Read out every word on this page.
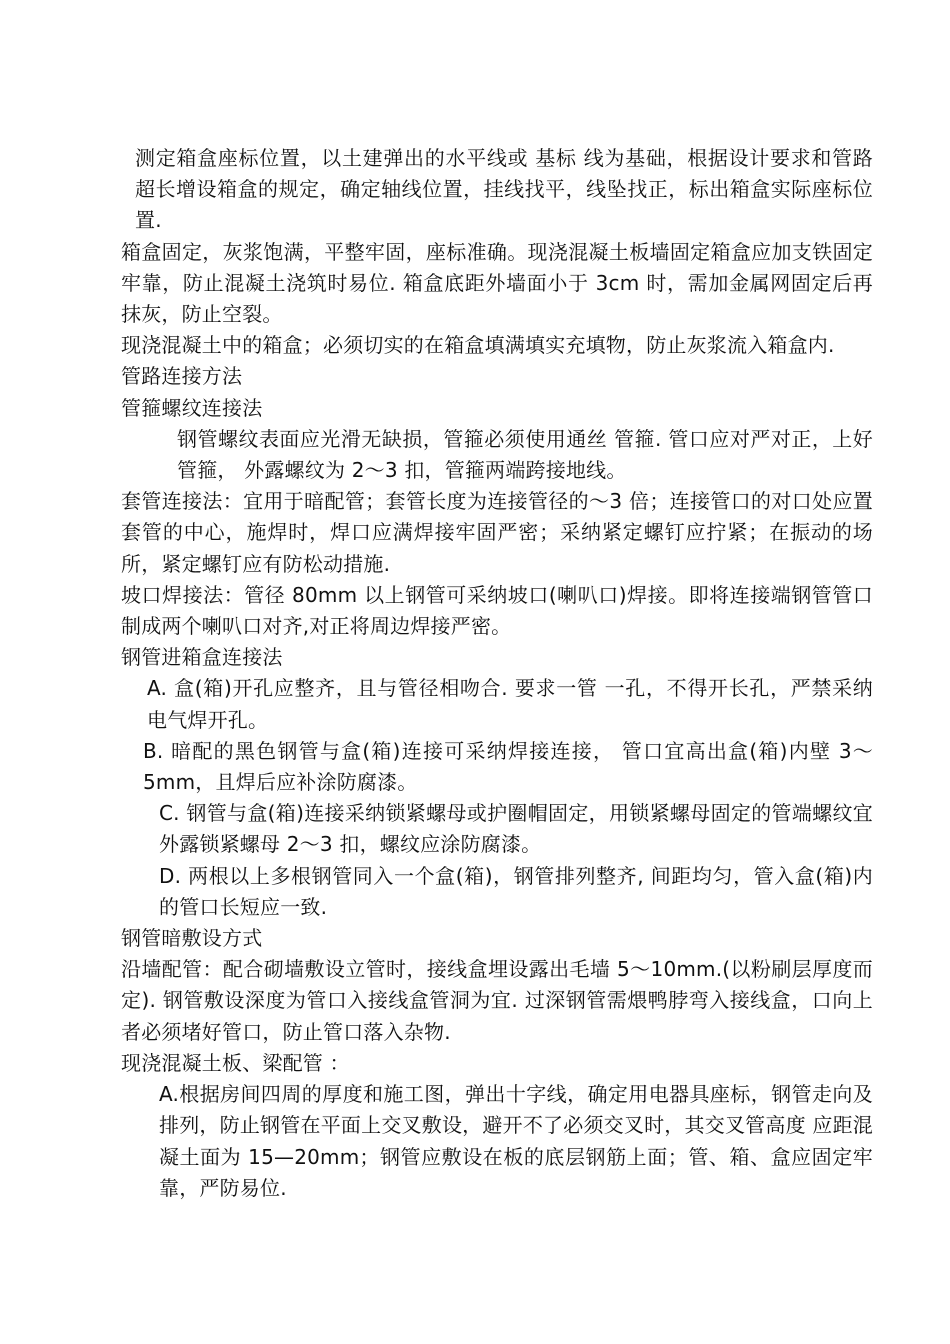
测定箱盒座标位置，以土建弹出的水平线或 基标 线为基础，根据设计要求和管路超长增设箱盒的规定，确定轴线位置，挂线找平，线坠找正，标出箱盒实际座标位置.

箱盒固定，灰浆饱满，平整牢固，座标准确。现浇混凝土板墙固定箱盒应加支铁固定牢靠，防止混凝土浇筑时易位. 箱盒底距外墙面小于 3cm 时，需加金属网固定后再抹灰，防止空裂。

现浇混凝土中的箱盒；必须切实的在箱盒填满填实充填物，防止灰浆流入箱盒内.

管路连接方法

管箍螺纹连接法

钢管螺纹表面应光滑无缺损，管箍必须使用通丝 管箍. 管口应对严对正，上好管箍， 外露螺纹为 2～3 扣，管箍两端跨接地线。

套管连接法：宜用于暗配管；套管长度为连接管径的～3 倍；连接管口的对口处应置套管的中心，施焊时，焊口应满焊接牢固严密；采纳紧定螺钉应拧紧；在振动的场所，紧定螺钉应有防松动措施.

坡口焊接法：管径 80mm 以上钢管可采纳坡口(喇叭口)焊接。即将连接端钢管管口制成两个喇叭口对齐,对正将周边焊接严密。

钢管进箱盒连接法

A. 盒(箱)开孔应整齐，且与管径相吻合. 要求一管 一孔，不得开长孔，严禁采纳电气焊开孔。

B. 暗配的黑色钢管与盒(箱)连接可采纳焊接连接， 管口宜高出盒(箱)内壁 3～5mm，且焊后应补涂防腐漆。

C. 钢管与盒(箱)连接采纳锁紧螺母或护圈帽固定，用锁紧螺母固定的管端螺纹宜外露锁紧螺母 2～3 扣，螺纹应涂防腐漆。

D. 两根以上多根钢管同入一个盒(箱)，钢管排列整齐, 间距均匀，管入盒(箱)内的管口长短应一致.

钢管暗敷设方式

沿墙配管：配合砌墙敷设立管时，接线盒埋设露出毛墙 5～10mm.(以粉刷层厚度而定). 钢管敷设深度为管口入接线盒管洞为宜. 过深钢管需煨鸭脖弯入接线盒，口向上者必须堵好管口，防止管口落入杂物.

现浇混凝土板、梁配管 ：

A.根据房间四周的厚度和施工图，弹出十字线，确定用电器具座标，钢管走向及排列，防止钢管在平面上交叉敷设，避开不了必须交叉时，其交叉管高度 应距混凝土面为 15—20mm；钢管应敷设在板的底层钢筋上面；管、箱、盒应固定牢靠，严防易位.
